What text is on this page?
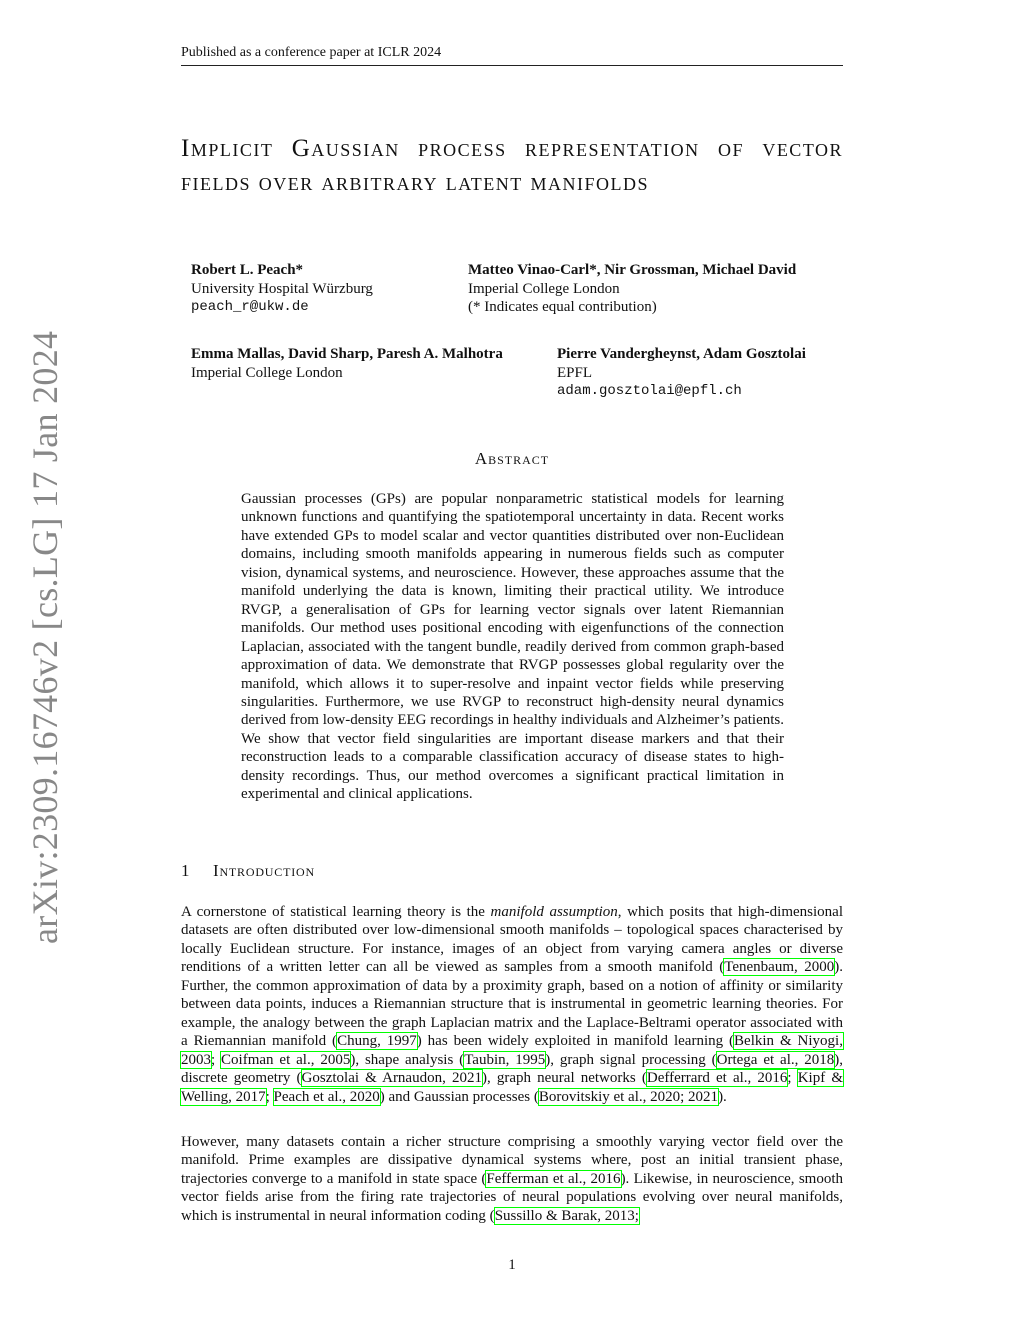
Published as a conference paper at ICLR 2024
arXiv:2309.16746v2 [cs.LG] 17 Jan 2024
Implicit Gaussian process representation of vector fields over arbitrary latent manifolds
Robert L. Peach*
University Hospital Würzburg
peach_r@ukw.de
Matteo Vinao-Carl*, Nir Grossman, Michael David
Imperial College London
(* Indicates equal contribution)
Emma Mallas, David Sharp, Paresh A. Malhotra
Imperial College London
Pierre Vandergheynst, Adam Gosztolai
EPFL
adam.gosztolai@epfl.ch
Abstract
Gaussian processes (GPs) are popular nonparametric statistical models for learning unknown functions and quantifying the spatiotemporal uncertainty in data. Recent works have extended GPs to model scalar and vector quantities distributed over non-Euclidean domains, including smooth manifolds appearing in numerous fields such as computer vision, dynamical systems, and neuroscience. However, these approaches assume that the manifold underlying the data is known, limiting their practical utility. We introduce RVGP, a generalisation of GPs for learning vector signals over latent Riemannian manifolds. Our method uses positional encoding with eigenfunctions of the connection Laplacian, associated with the tangent bundle, readily derived from common graph-based approximation of data. We demonstrate that RVGP possesses global regularity over the manifold, which allows it to super-resolve and inpaint vector fields while preserving singularities. Furthermore, we use RVGP to reconstruct high-density neural dynamics derived from low-density EEG recordings in healthy individuals and Alzheimer’s patients. We show that vector field singularities are important disease markers and that their reconstruction leads to a comparable classification accuracy of disease states to high-density recordings. Thus, our method overcomes a significant practical limitation in experimental and clinical applications.
1 Introduction

A cornerstone of statistical learning theory is the manifold assumption, which posits that high-dimensional datasets are often distributed over low-dimensional smooth manifolds – topological spaces characterised by locally Euclidean structure. For instance, images of an object from varying camera angles or diverse renditions of a written letter can all be viewed as samples from a smooth manifold (Tenenbaum, 2000). Further, the common approximation of data by a proximity graph, based on a notion of affinity or similarity between data points, induces a Riemannian structure that is instrumental in geometric learning theories. For example, the analogy between the graph Laplacian matrix and the Laplace-Beltrami operator associated with a Riemannian manifold (Chung, 1997) has been widely exploited in manifold learning (Belkin & Niyogi, 2003; Coifman et al., 2005), shape analysis (Taubin, 1995), graph signal processing (Ortega et al., 2018), discrete geometry (Gosztolai & Arnaudon, 2021), graph neural networks (Defferrard et al., 2016; Kipf & Welling, 2017; Peach et al., 2020) and Gaussian processes (Borovitskiy et al., 2020; 2021).

However, many datasets contain a richer structure comprising a smoothly varying vector field over the manifold. Prime examples are dissipative dynamical systems where, post an initial transient phase, trajectories converge to a manifold in state space (Fefferman et al., 2016). Likewise, in neuroscience, smooth vector fields arise from the firing rate trajectories of neural populations evolving over neural manifolds, which is instrumental in neural information coding (Sussillo & Barak, 2013;

1
